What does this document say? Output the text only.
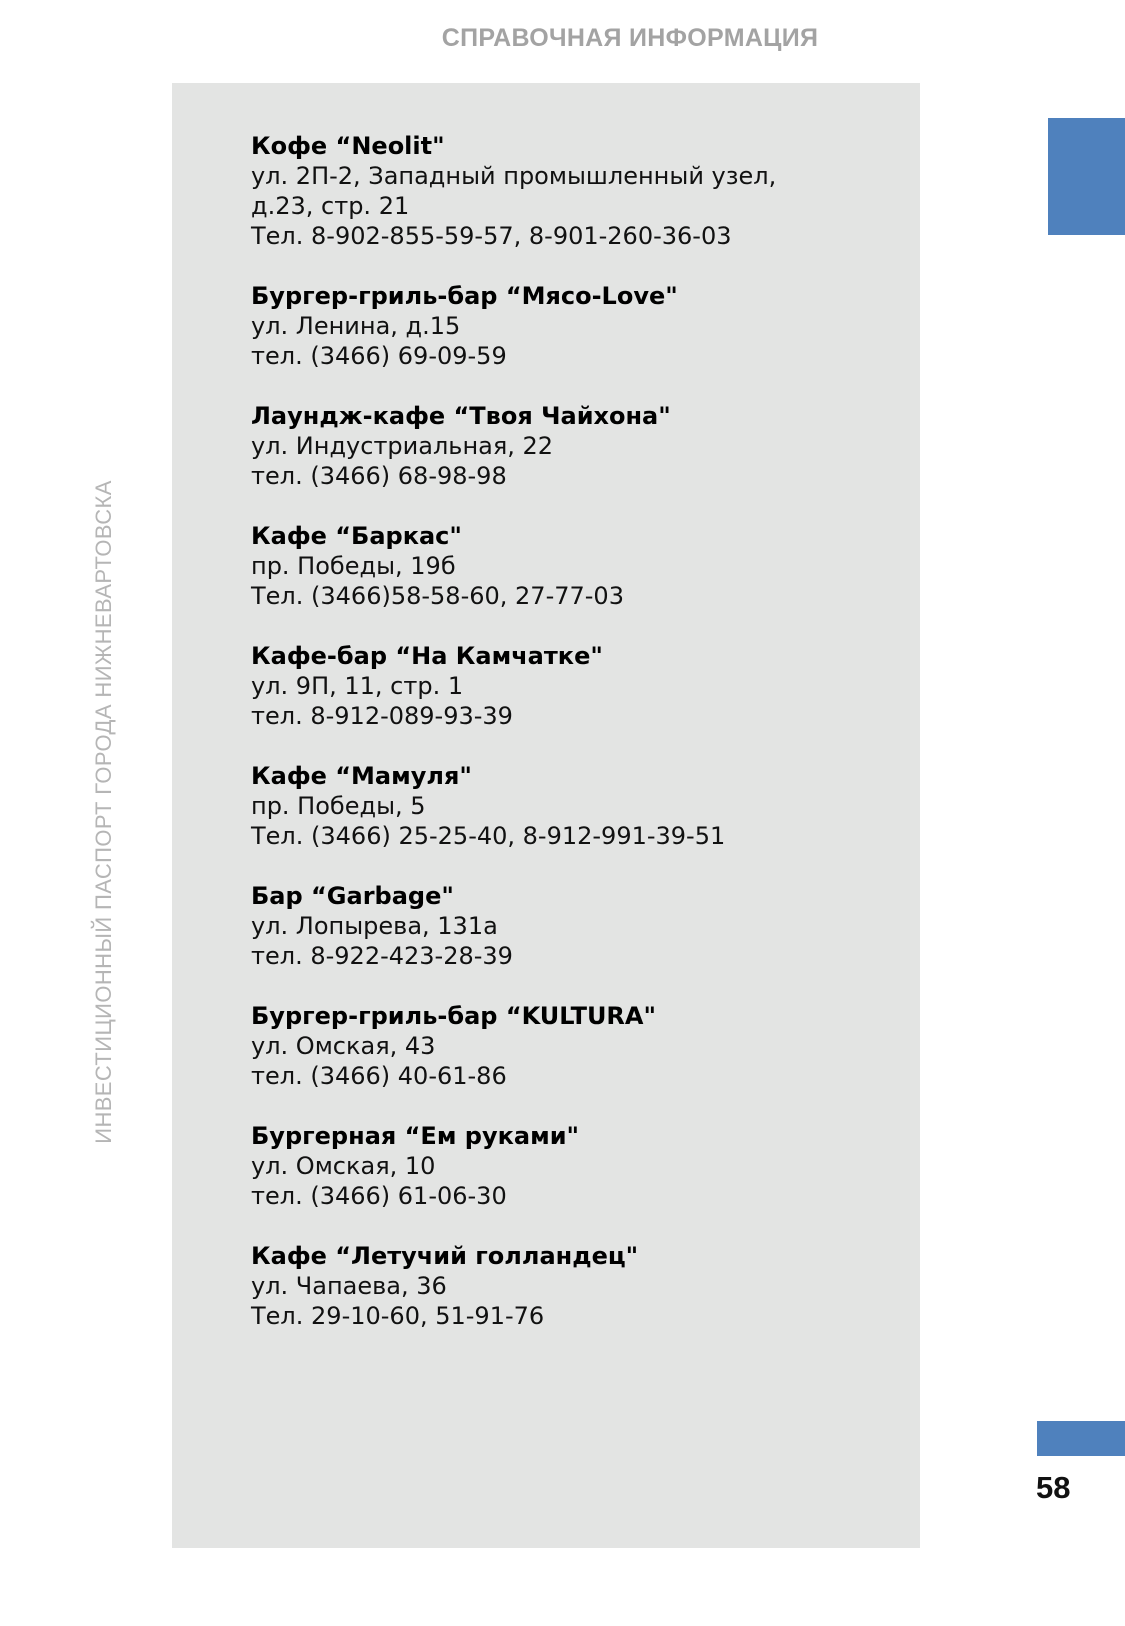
СПРАВОЧНАЯ ИНФОРМАЦИЯ
ИНВЕСТИЦИОННЫЙ ПАСПОРТ ГОРОДА НИЖНЕВАРТОВСКА
Кофе “Neolit"
ул. 2П-2, Западный промышленный узел,
д.23, стр. 21
Тел. 8-902-855-59-57, 8-901-260-36-03
Бургер-гриль-бар “Мясо-Love"
ул. Ленина, д.15
тел. (3466) 69-09-59
Лаундж-кафе “Твоя Чайхона"
ул. Индустриальная, 22
тел. (3466) 68-98-98
Кафе “Баркас"
пр. Победы, 19б
Тел. (3466)58-58-60, 27-77-03
Кафе-бар “На Камчатке"
ул. 9П, 11, стр. 1
тел. 8-912-089-93-39
Кафе “Мамуля"
пр. Победы, 5
Тел. (3466) 25-25-40, 8-912-991-39-51
Бар “Garbage"
ул. Лопырева, 131а
тел. 8-922-423-28-39
Бургер-гриль-бар “KULTURA"
ул. Омская, 43
тел. (3466) 40-61-86
Бургерная “Ем руками"
ул. Омская, 10
тел. (3466) 61-06-30
Кафе “Летучий голландец"
ул. Чапаева, 36
Тел. 29-10-60, 51-91-76
58
